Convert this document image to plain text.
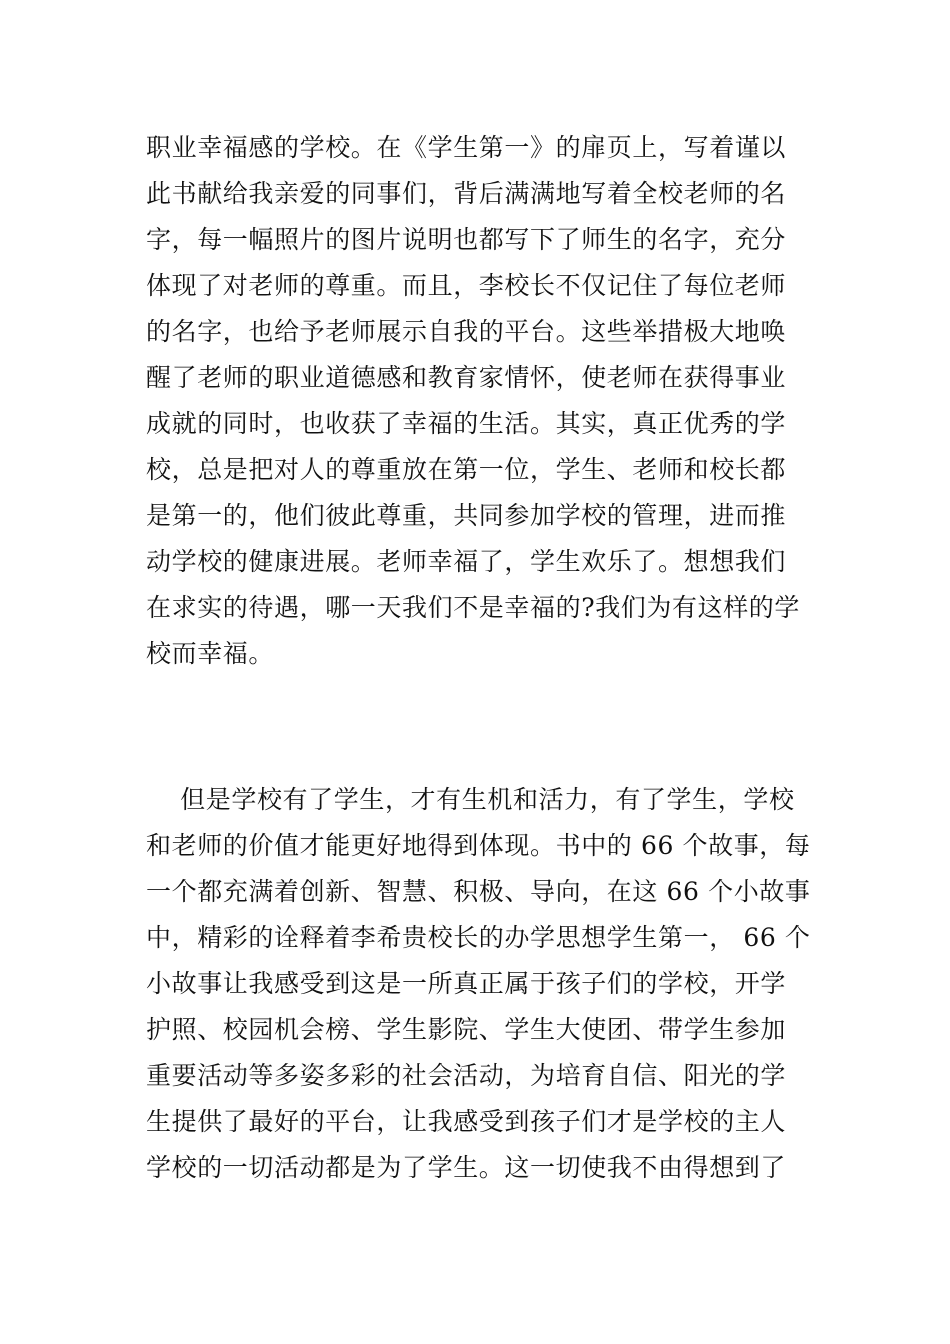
职业幸福感的学校。在《学生第一》的扉页上，写着谨以
此书献给我亲爱的同事们，背后满满地写着全校老师的名
字，每一幅照片的图片说明也都写下了师生的名字，充分
体现了对老师的尊重。而且，李校长不仅记住了每位老师
的名字，也给予老师展示自我的平台。这些举措极大地唤
醒了老师的职业道德感和教育家情怀，使老师在获得事业
成就的同时，也收获了幸福的生活。其实，真正优秀的学
校，总是把对人的尊重放在第一位，学生、老师和校长都
是第一的，他们彼此尊重，共同参加学校的管理，进而推
动学校的健康进展。老师幸福了，学生欢乐了。想想我们
在求实的待遇，哪一天我们不是幸福的?我们为有这样的学
校而幸福。
　 但是学校有了学生，才有生机和活力，有了学生，学校
和老师的价值才能更好地得到体现。书中的 66 个故事，每
一个都充满着创新、智慧、积极、导向，在这 66 个小故事
中，精彩的诠释着李希贵校长的办学思想学生第一， 66 个
小故事让我感受到这是一所真正属于孩子们的学校，开学
护照、校园机会榜、学生影院、学生大使团、带学生参加
重要活动等多姿多彩的社会活动，为培育自信、阳光的学
生提供了最好的平台，让我感受到孩子们才是学校的主人
学校的一切活动都是为了学生。这一切使我不由得想到了
